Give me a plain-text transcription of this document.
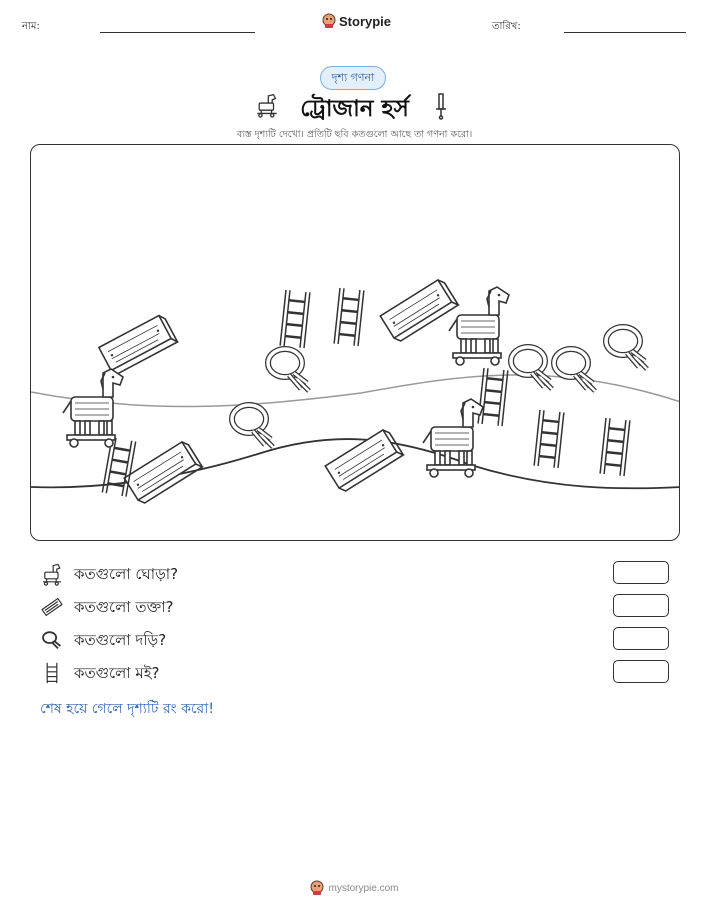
নাম:	Storypie	তারিখ:
দৃশ্য গণনা
ট্রোজান হর্স
ব্যস্ত দৃশ্যটি দেখো। প্রতিটি ছবি কতগুলো আছে তা গণনা করো।
কতগুলো ঘোড়া?
কতগুলো তক্তা?
কতগুলো দড়ি?
কতগুলো মই?
শেষ হয়ে গেলে দৃশ্যটি রং করো!
mystorypie.com
